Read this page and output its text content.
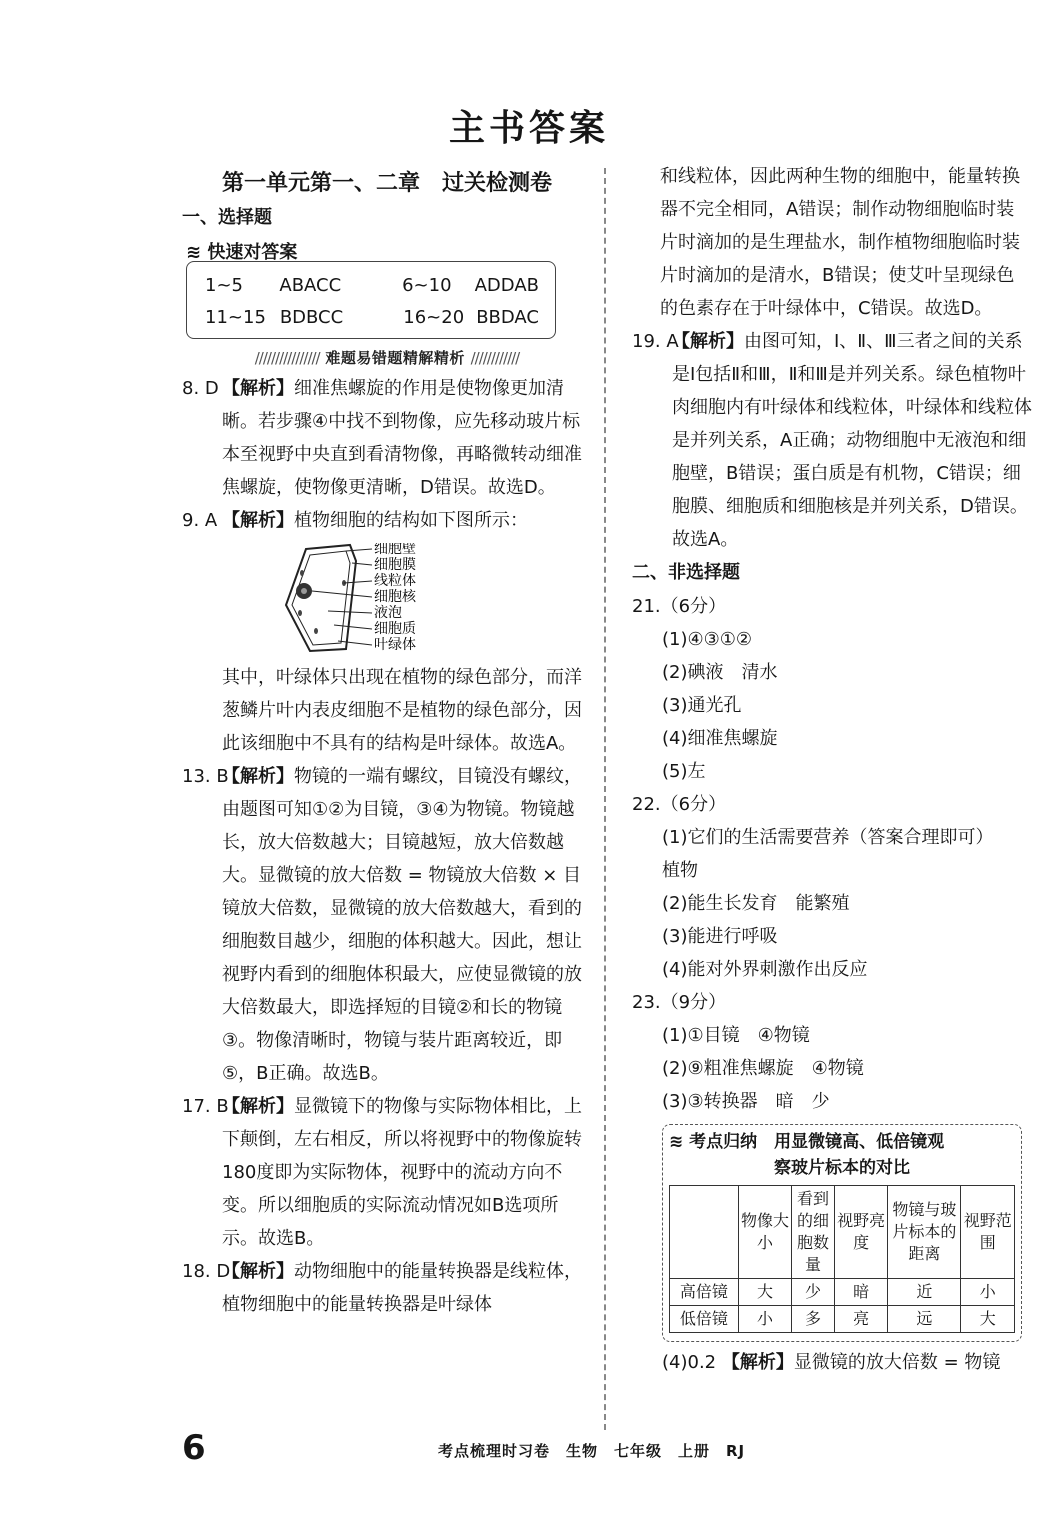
主书答案
第一单元第一、二章　过关检测卷
一、选择题
≋ 快速对答案
1~5	ABACC	6~10	ADDAB
11~15 BDBCC	16~20 BBDAC
//////////////// 难题易错题精解精析 ////////////
8. D 【解析】细准焦螺旋的作用是使物像更加清晰。若步骤④中找不到物像，应先移动玻片标本至视野中央直到看清物像，再略微转动细准焦螺旋，使物像更清晰，D错误。故选D。
9. A 【解析】植物细胞的结构如下图所示：
细胞壁
细胞膜
线粒体
细胞核
液泡
细胞质
叶绿体
其中，叶绿体只出现在植物的绿色部分，而洋葱鳞片叶内表皮细胞不是植物的绿色部分，因此该细胞中不具有的结构是叶绿体。故选A。
13. B
【解析】物镜的一端有螺纹，目镜没有螺纹，由题图可知①②为目镜，③④为物镜。物镜越长，放大倍数越大；目镜越短，放大倍数越大。显微镜的放大倍数 = 物镜放大倍数 × 目镜放大倍数，显微镜的放大倍数越大，看到的细胞数目越少，细胞的体积越大。因此，想让视野内看到的细胞体积最大，应使显微镜的放大倍数最大，即选择短的目镜②和长的物镜③。物像清晰时，物镜与装片距离较近，即⑤，B正确。故选B。
17. B
【解析】显微镜下的物像与实际物体相比，上下颠倒，左右相反，所以将视野中的物像旋转180度即为实际物体，视野中的流动方向不变。所以细胞质的实际流动情况如B选项所示。故选B。
18. D
【解析】动物细胞中的能量转换器是线粒体，植物细胞中的能量转换器是叶绿体
和线粒体，因此两种生物的细胞中，能量转换器不完全相同，A错误；制作动物细胞临时装片时滴加的是生理盐水，制作植物细胞临时装片时滴加的是清水，B错误；使艾叶呈现绿色的色素存在于叶绿体中，C错误。故选D。
19. A
【解析】由图可知，Ⅰ、Ⅱ、Ⅲ三者之间的关系是Ⅰ包括Ⅱ和Ⅲ，Ⅱ和Ⅲ是并列关系。绿色植物叶肉细胞内有叶绿体和线粒体，叶绿体和线粒体是并列关系，A正确；动物细胞中无液泡和细胞壁，B错误；蛋白质是有机物，C错误；细胞膜、细胞质和细胞核是并列关系，D错误。故选A。
二、非选择题
21.（6分）
(1)④③①②
(2)碘液　清水
(3)通光孔
(4)细准焦螺旋
(5)左
22.（6分）
(1)它们的生活需要营养（答案合理即可）
植物
(2)能生长发育　能繁殖
(3)能进行呼吸
(4)能对外界刺激作出反应
23.（9分）
(1)①目镜　④物镜
(2)⑨粗准焦螺旋　④物镜
(3)③转换器　暗　少
≋ 考点归纳　 用显微镜高、低倍镜观
察玻片标本的对比
	物像大小	看到的细胞数量	视野亮度	物镜与玻片标本的距离	视野范围
高倍镜	大	少	暗	近	小
低倍镜	小	多	亮	远	大
(4)0.2 【解析】显微镜的放大倍数 = 物镜
6	考点梳理时习卷　生物　七年级　上册　RJ
